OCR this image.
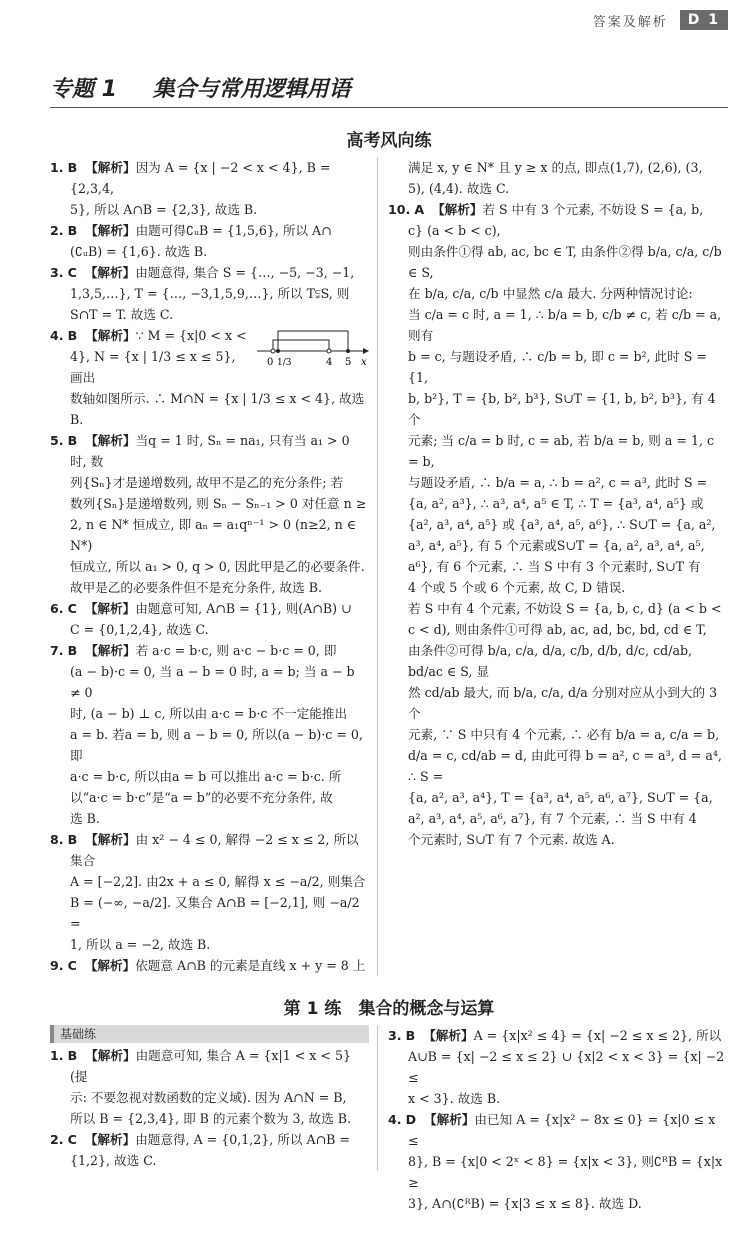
答案及解析	D 1
专题 1 集合与常用逻辑用语
高考风向练

1. B 【解析】因为 A = {x | −2 < x < 4}, B = {2,3,4,

5}, 所以 A∩B = {2,3}, 故选 B.

2. B 【解析】由题可得∁ᵤB = {1,5,6}, 所以 A∩

(∁ᵤB) = {1,6}. 故选 B.

3. C 【解析】由题意得, 集合 S = {…, −5, −3, −1,

1,3,5,…}, T = {…, −3,1,5,9,…}, 所以 T⫋S, 则

S∩T = T. 故选 C.

0 1/3	4 5 x

4. B 【解析】∵ M = {x|0 < x <

4}, N = {x | 1/3 ≤ x ≤ 5}, 画出

数轴如图所示. ∴ M∩N = {x | 1/3 ≤ x < 4}, 故选 B.

5. B 【解析】当q = 1 时, Sₙ = na₁, 只有当 a₁ > 0 时, 数

列{Sₙ}才是递增数列, 故甲不是乙的充分条件; 若

数列{Sₙ}是递增数列, 则 Sₙ − Sₙ₋₁ > 0 对任意 n ≥

2, n ∈ N* 恒成立, 即 aₙ = a₁qⁿ⁻¹ > 0 (n≥2, n ∈ N*)

恒成立, 所以 a₁ > 0, q > 0, 因此甲是乙的必要条件.

故甲是乙的必要条件但不是充分条件, 故选 B.

6. C 【解析】由题意可知, A∩B = {1}, 则(A∩B) ∪

C = {0,1,2,4}, 故选 C.

7. B 【解析】若 a·c = b·c, 则 a·c − b·c = 0, 即

(a − b)·c = 0, 当 a − b = 0 时, a = b; 当 a − b ≠ 0

时, (a − b) ⊥ c, 所以由 a·c = b·c 不一定能推出

a = b. 若a = b, 则 a − b = 0, 所以(a − b)·c = 0, 即

a·c = b·c, 所以由a = b 可以推出 a·c = b·c. 所

以“a·c = b·c”是“a = b”的必要不充分条件, 故

选 B.

8. B 【解析】由 x² − 4 ≤ 0, 解得 −2 ≤ x ≤ 2, 所以集合

A = [−2,2]. 由2x + a ≤ 0, 解得 x ≤ −a/2, 则集合

B = (−∞, −a/2]. 又集合 A∩B = [−2,1], 则 −a/2 =

1, 所以 a = −2, 故选 B.

9. C 【解析】依题意 A∩B 的元素是直线 x + y = 8 上

满足 x, y ∈ N* 且 y ≥ x 的点, 即点(1,7), (2,6), (3,

5), (4,4). 故选 C.

10. A 【解析】若 S 中有 3 个元素, 不妨设 S = {a, b,

c} (a < b < c),

则由条件①得 ab, ac, bc ∈ T, 由条件②得 b/a, c/a, c/b ∈ S,

在 b/a, c/a, c/b 中显然 c/a 最大. 分两种情况讨论:

当 c/a = c 时, a = 1, ∴ b/a = b, c/b ≠ c, 若 c/b = a, 则有

b = c, 与题设矛盾, ∴ c/b = b, 即 c = b², 此时 S = {1,

b, b²}, T = {b, b², b³}, S∪T = {1, b, b², b³}, 有 4 个

元素; 当 c/a = b 时, c = ab, 若 b/a = b, 则 a = 1, c = b,

与题设矛盾, ∴ b/a = a, ∴ b = a², c = a³, 此时 S =

{a, a², a³}, ∴ a³, a⁴, a⁵ ∈ T, ∴ T = {a³, a⁴, a⁵} 或

{a², a³, a⁴, a⁵} 或 {a³, a⁴, a⁵, a⁶}, ∴ S∪T = {a, a²,

a³, a⁴, a⁵}, 有 5 个元素或S∪T = {a, a², a³, a⁴, a⁵,

a⁶}, 有 6 个元素, ∴ 当 S 中有 3 个元素时, S∪T 有

4 个或 5 个或 6 个元素, 故 C, D 错误.

若 S 中有 4 个元素, 不妨设 S = {a, b, c, d} (a < b <

c < d), 则由条件①可得 ab, ac, ad, bc, bd, cd ∈ T,

由条件②可得 b/a, c/a, d/a, c/b, d/b, d/c, cd/ab, bd/ac ∈ S, 显

然 cd/ab 最大, 而 b/a, c/a, d/a 分别对应从小到大的 3 个

元素, ∵ S 中只有 4 个元素, ∴ 必有 b/a = a, c/a = b,

d/a = c, cd/ab = d, 由此可得 b = a², c = a³, d = a⁴, ∴ S =

{a, a², a³, a⁴}, T = {a³, a⁴, a⁵, a⁶, a⁷}, S∪T = {a,

a², a³, a⁴, a⁵, a⁶, a⁷}, 有 7 个元素, ∴ 当 S 中有 4

个元素时, S∪T 有 7 个元素. 故选 A.

第 1 练　集合的概念与运算
基础练

1. B 【解析】由题意可知, 集合 A = {x|1 < x < 5} (提

示: 不要忽视对数函数的定义域). 因为 A∩N = B,

所以 B = {2,3,4}, 即 B 的元素个数为 3, 故选 B.

2. C 【解析】由题意得, A = {0,1,2}, 所以 A∩B =

{1,2}, 故选 C.

3. B 【解析】A = {x|x² ≤ 4} = {x| −2 ≤ x ≤ 2}, 所以

A∪B = {x| −2 ≤ x ≤ 2} ∪ {x|2 < x < 3} = {x| −2 ≤

x < 3}. 故选 B.

4. D 【解析】由已知 A = {x|x² − 8x ≤ 0} = {x|0 ≤ x ≤

8}, B = {x|0 < 2ˣ < 8} = {x|x < 3}, 则∁ᴿB = {x|x ≥

3}, A∩(∁ᴿB) = {x|3 ≤ x ≤ 8}. 故选 D.
